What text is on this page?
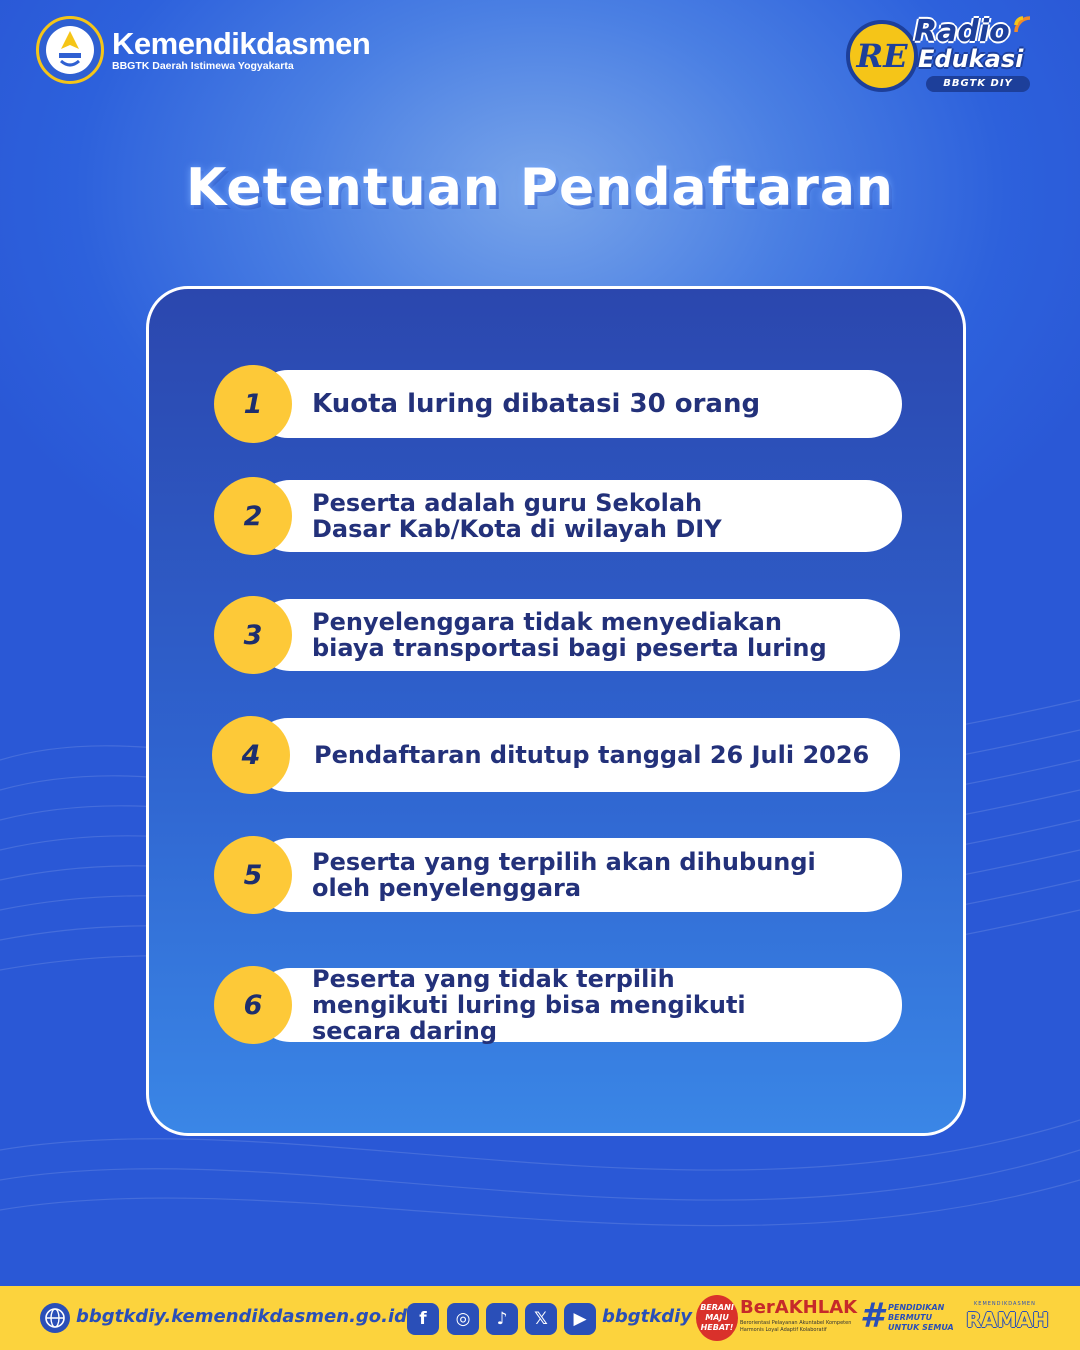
Kemendikdasmen
BBGTK Daerah Istimewa Yogyakarta	RE
Radio
Edukasi
BBGTK DIY
Ketentuan Pendaftaran
1	Kuota luring dibatasi 30 orang
2	Peserta adalah guru Sekolah Dasar Kab/Kota di wilayah DIY
3	Penyelenggara tidak menyediakan biaya transportasi bagi peserta luring
4	Pendaftaran ditutup tanggal 26 Juli 2026
5	Peserta yang terpilih akan dihubungi oleh penyelenggara
6
Peserta yang tidak terpilih mengikuti luring bisa mengikuti secara daring
bbgtkdiy.kemendikdasmen.go.id f	◎	♪	𝕏	▶ bbgtkdiy	BERANI MAJU HEBAT!
BerAKHLAK
Berorientasi Pelayanan Akuntabel Kompeten Harmonis Loyal Adaptif Kolaboratif # PENDIDIKAN BERMUTU UNTUK SEMUA
KEMENDIKDASMEN
RAMAH
